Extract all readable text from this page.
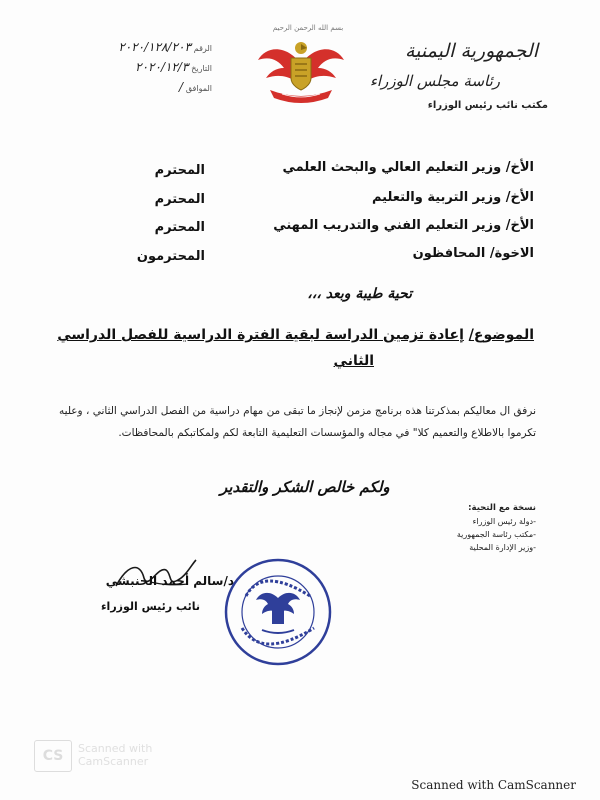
الجمهورية اليمنية
رئاسة مجلس الوزراء
مكتب نائب رئيس الوزراء
بسم الله الرحمن الرحيم
الرقم ٢٠٢٠/١٢٨/٢٠٣
التاريخ ٢٠٢٠/١٢/٣
الموافق /
الأخ/ وزير التعليم العالي والبحث العلمي
المحترم
الأخ/ وزير التربية والتعليم
المحترم
الأخ/ وزير التعليم الفني والتدريب المهني
المحترم
الاخوة/ المحافظون
المحترمون
تحية طيبة وبعد ،،،
الموضوع/ إعادة تزمين الدراسة لبقية الفترة الدراسية للفصل الدراسي
الثاني
نرفق ال معاليكم بمذكرتنا هذه برنامج مزمن لإنجاز ما تبقى من مهام دراسية من الفصل الدراسي الثاني ، وعليه تكرموا بالاطلاع والتعميم كلا" في مجاله والمؤسسات التعليمية التابعة لكم ولمكاتبكم بالمحافظات.
ولكم خالص الشكر والتقدير
نسخة مع التحية:
-دولة رئيس الوزراء
-مكتب رئاسة الجمهورية
-وزير الإدارة المحلية
د/سالم أحمد الخنبشي
نائب رئيس الوزراء
CS	Scanned with
CamScanner
Scanned with CamScanner
